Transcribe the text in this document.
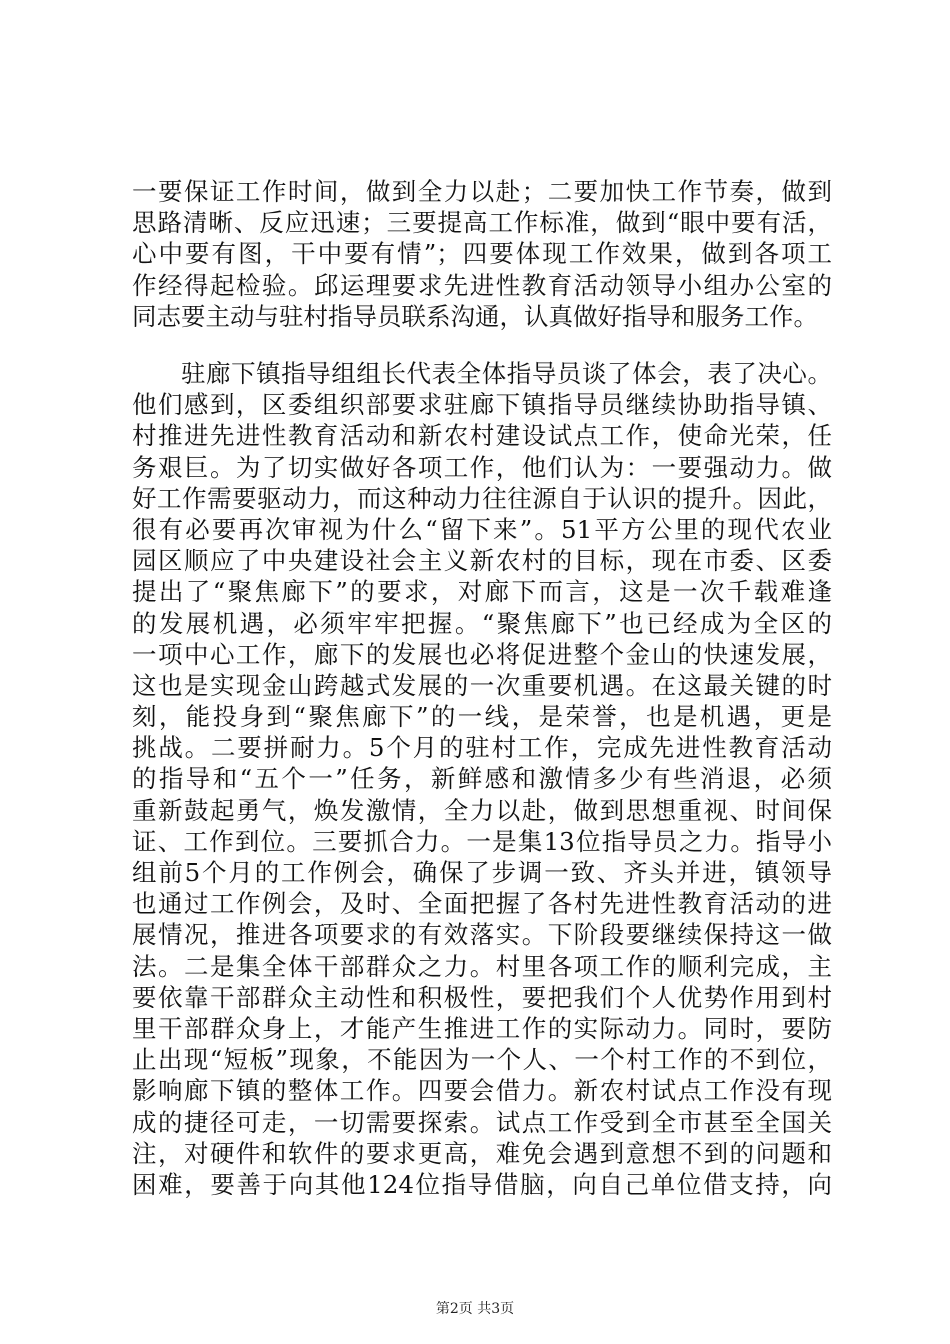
一要保证工作时间，做到全力以赴；二要加快工作节奏，做到
思路清晰、反应迅速；三要提高工作标准，做到“眼中要有活，
心中要有图，干中要有情”；四要体现工作效果，做到各项工
作经得起检验。邱运理要求先进性教育活动领导小组办公室的
同志要主动与驻村指导员联系沟通，认真做好指导和服务工作。
驻廊下镇指导组组长代表全体指导员谈了体会，表了决心。
他们感到，区委组织部要求驻廊下镇指导员继续协助指导镇、
村推进先进性教育活动和新农村建设试点工作，使命光荣，任
务艰巨。为了切实做好各项工作，他们认为：一要强动力。做
好工作需要驱动力，而这种动力往往源自于认识的提升。因此，
很有必要再次审视为什么“留下来”。51平方公里的现代农业
园区顺应了中央建设社会主义新农村的目标，现在市委、区委
提出了“聚焦廊下”的要求，对廊下而言，这是一次千载难逢
的发展机遇，必须牢牢把握。“聚焦廊下”也已经成为全区的
一项中心工作，廊下的发展也必将促进整个金山的快速发展，
这也是实现金山跨越式发展的一次重要机遇。在这最关键的时
刻，能投身到“聚焦廊下”的一线，是荣誉，也是机遇，更是
挑战。二要拼耐力。5个月的驻村工作，完成先进性教育活动
的指导和“五个一”任务，新鲜感和激情多少有些消退，必须
重新鼓起勇气，焕发激情，全力以赴，做到思想重视、时间保
证、工作到位。三要抓合力。一是集13位指导员之力。指导小
组前5个月的工作例会，确保了步调一致、齐头并进，镇领导
也通过工作例会，及时、全面把握了各村先进性教育活动的进
展情况，推进各项要求的有效落实。下阶段要继续保持这一做
法。二是集全体干部群众之力。村里各项工作的顺利完成，主
要依靠干部群众主动性和积极性，要把我们个人优势作用到村
里干部群众身上，才能产生推进工作的实际动力。同时，要防
止出现“短板”现象，不能因为一个人、一个村工作的不到位，
影响廊下镇的整体工作。四要会借力。新农村试点工作没有现
成的捷径可走，一切需要探索。试点工作受到全市甚至全国关
注，对硬件和软件的要求更高，难免会遇到意想不到的问题和
困难，要善于向其他124位指导借脑，向自己单位借支持，向
第2页 共3页
